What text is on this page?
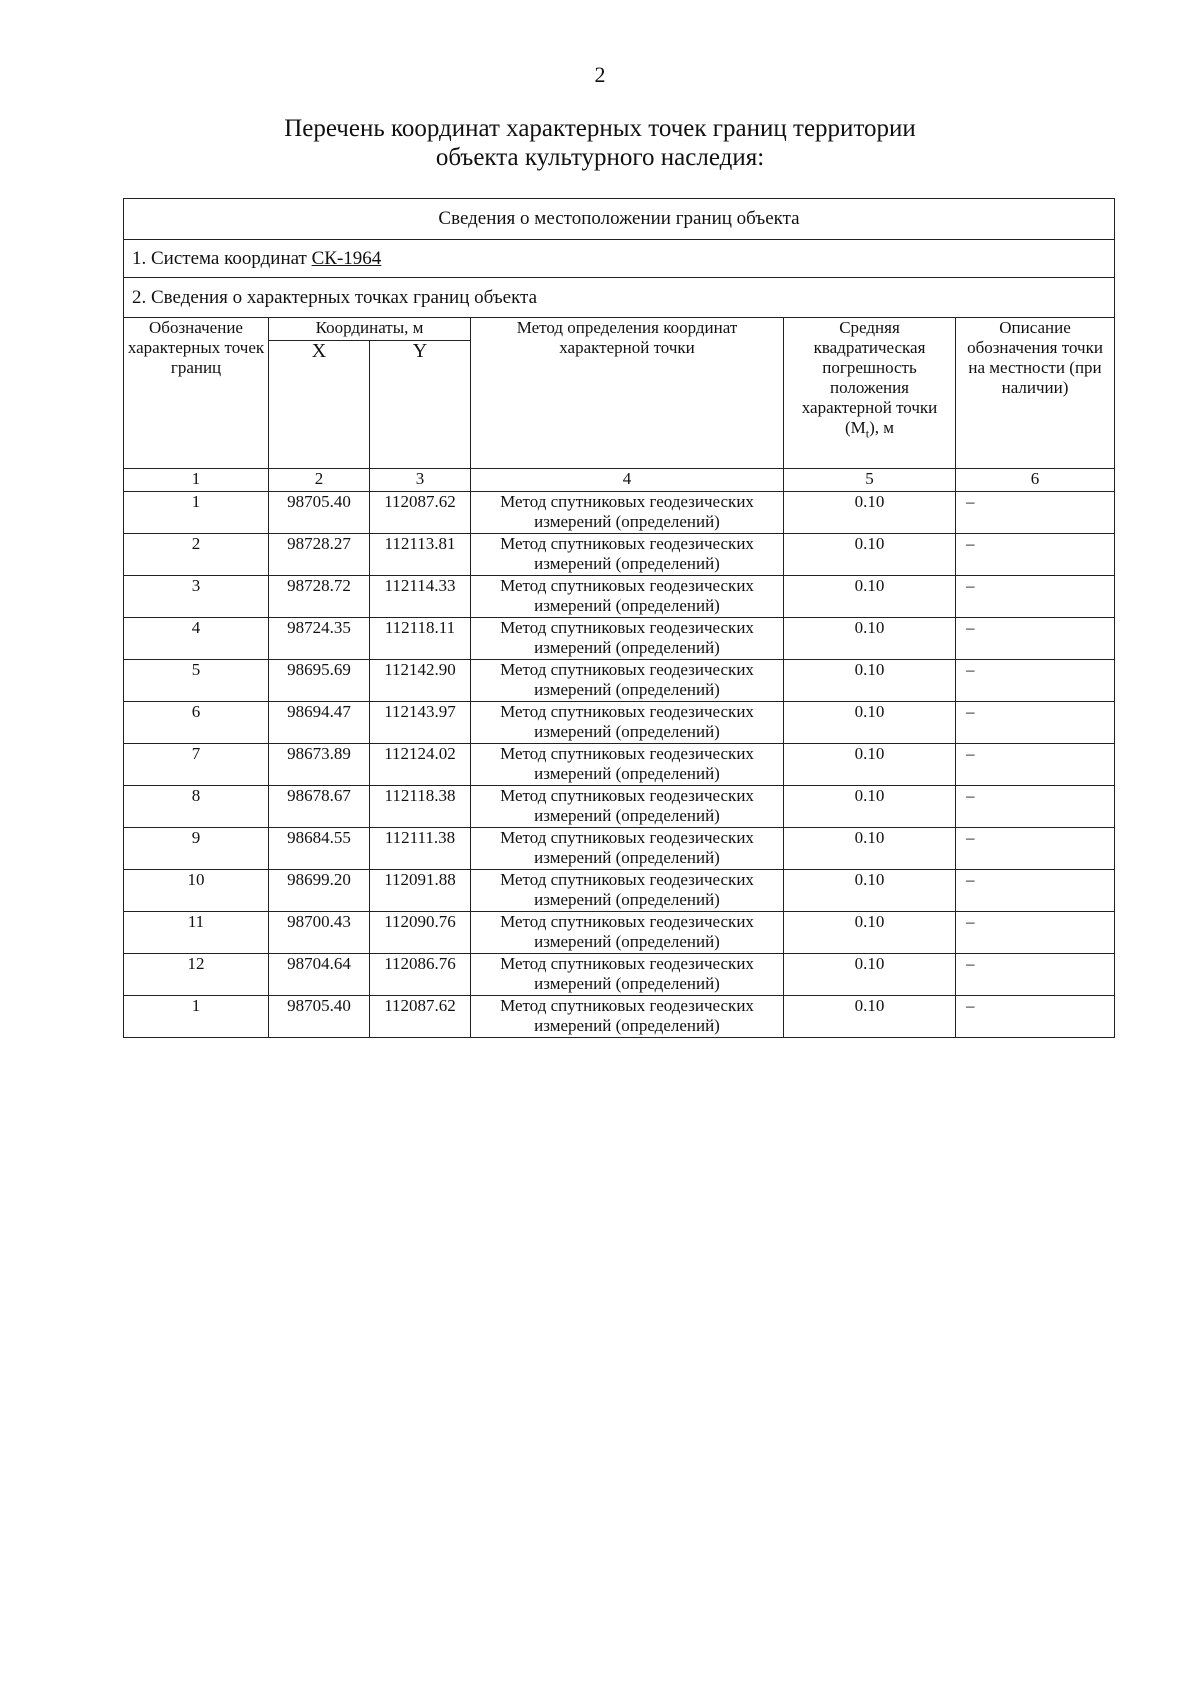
2
Перечень координат характерных точек границ территории
объекта культурного наследия:
Сведения о местоположении границ объекта					
1. Система координат СК-1964					
2. Сведения о характерных точках границ объекта					
Обозначение характерных точек границ	Координаты, м		Метод определения координат характерной точки	Средняя квадратическая погрешность положения характерной точки $(M_t)$, м	Описание обозначения точки на местности (при наличии)
	X	Y			
1	2	3	4	5	6
1	98705.40	112087.62	Метод спутниковых геодезических измерений (определений)	0.10	–
2	98728.27	112113.81	Метод спутниковых геодезических измерений (определений)	0.10	–
3	98728.72	112114.33	Метод спутниковых геодезических измерений (определений)	0.10	–
4	98724.35	112118.11	Метод спутниковых геодезических измерений (определений)	0.10	–
5	98695.69	112142.90	Метод спутниковых геодезических измерений (определений)	0.10	–
6	98694.47	112143.97	Метод спутниковых геодезических измерений (определений)	0.10	–
7	98673.89	112124.02	Метод спутниковых геодезических измерений (определений)	0.10	–
8	98678.67	112118.38	Метод спутниковых геодезических измерений (определений)	0.10	–
9	98684.55	112111.38	Метод спутниковых геодезических измерений (определений)	0.10	–
10	98699.20	112091.88	Метод спутниковых геодезических измерений (определений)	0.10	–
11	98700.43	112090.76	Метод спутниковых геодезических измерений (определений)	0.10	–
12	98704.64	112086.76	Метод спутниковых геодезических измерений (определений)	0.10	–
1	98705.40	112087.62	Метод спутниковых геодезических измерений (определений)	0.10	–
